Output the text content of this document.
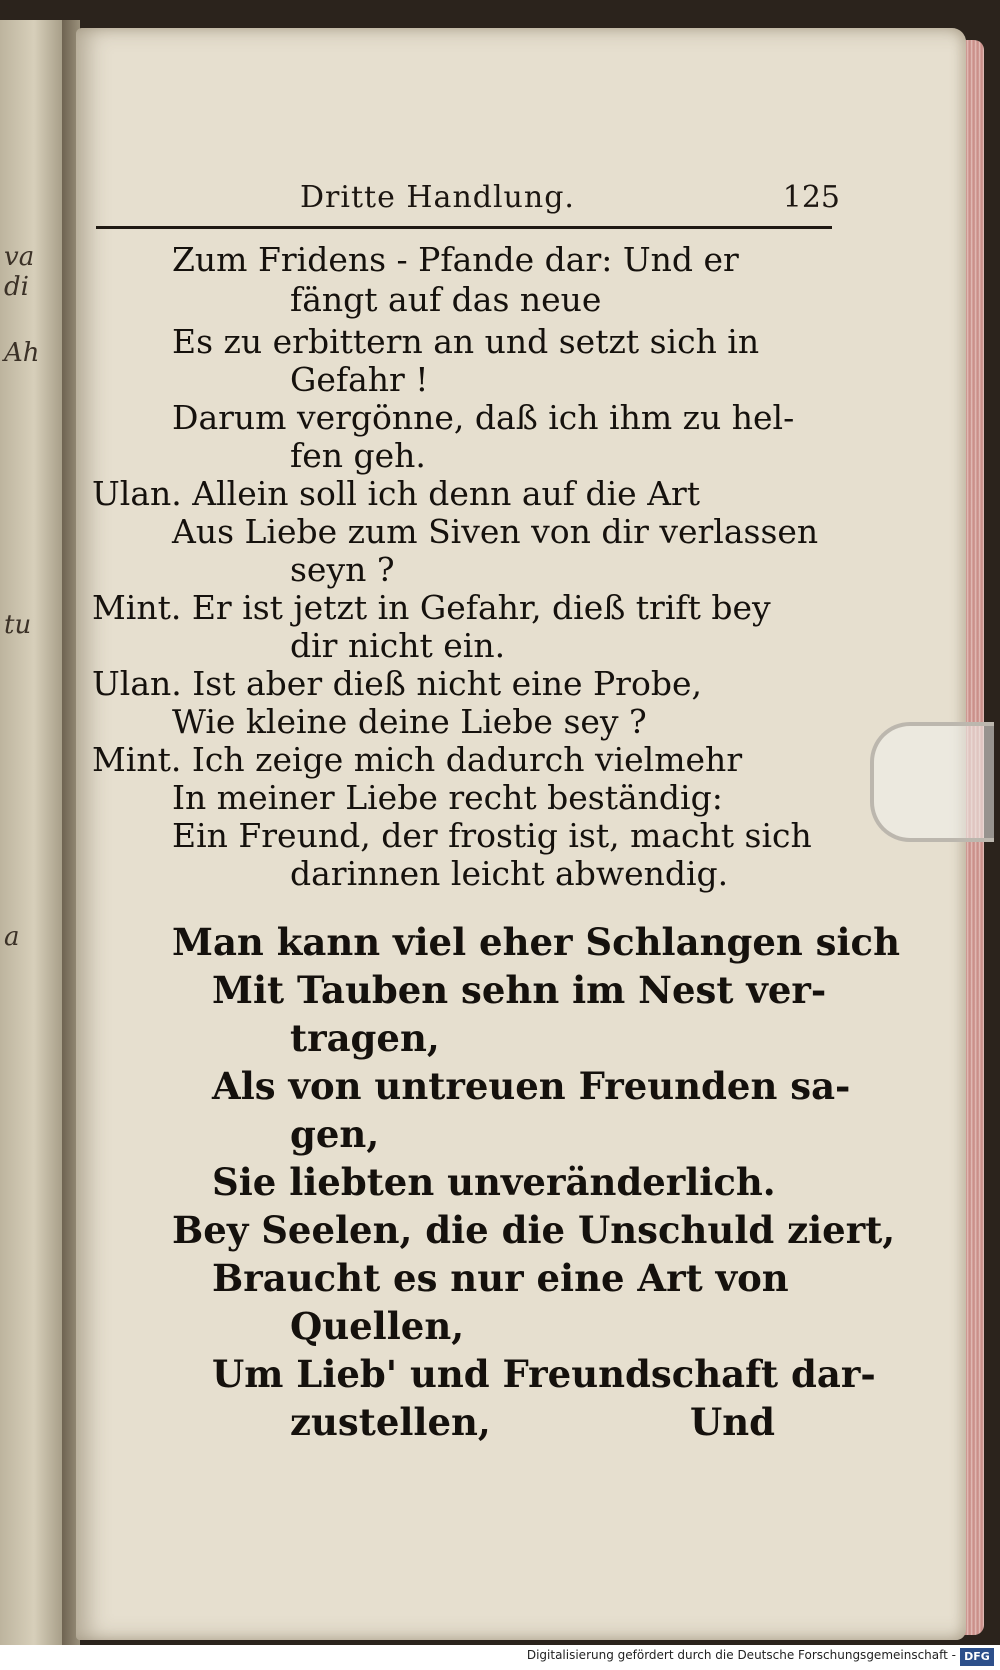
va di
Ah
tu
a
Dritte Handlung.	125
Zum Fridens - Pfande dar: Und er
fängt auf das neue
Es zu erbittern an und setzt sich in
Gefahr !
Darum vergönne, daß ich ihm zu hel-
fen geh.
Ulan. Allein soll ich denn auf die Art
Aus Liebe zum Siven von dir verlassen
seyn ?
Mint. Er ist jetzt in Gefahr, dieß trift bey
dir nicht ein.
Ulan. Ist aber dieß nicht eine Probe,
Wie kleine deine Liebe sey ?
Mint. Ich zeige mich dadurch vielmehr
In meiner Liebe recht beständig:
Ein Freund, der frostig ist, macht sich
darinnen leicht abwendig.
Man kann viel eher Schlangen sich
Mit Tauben sehn im Nest ver-
tragen,
Als von untreuen Freunden sa-
gen,
Sie liebten unveränderlich.
Bey Seelen, die die Unschuld ziert,
Braucht es nur eine Art von
Quellen,
Um Lieb' und Freundschaft dar-
zustellen,	Und
Digitalisierung gefördert durch die Deutsche Forschungsgemeinschaft - DFG
